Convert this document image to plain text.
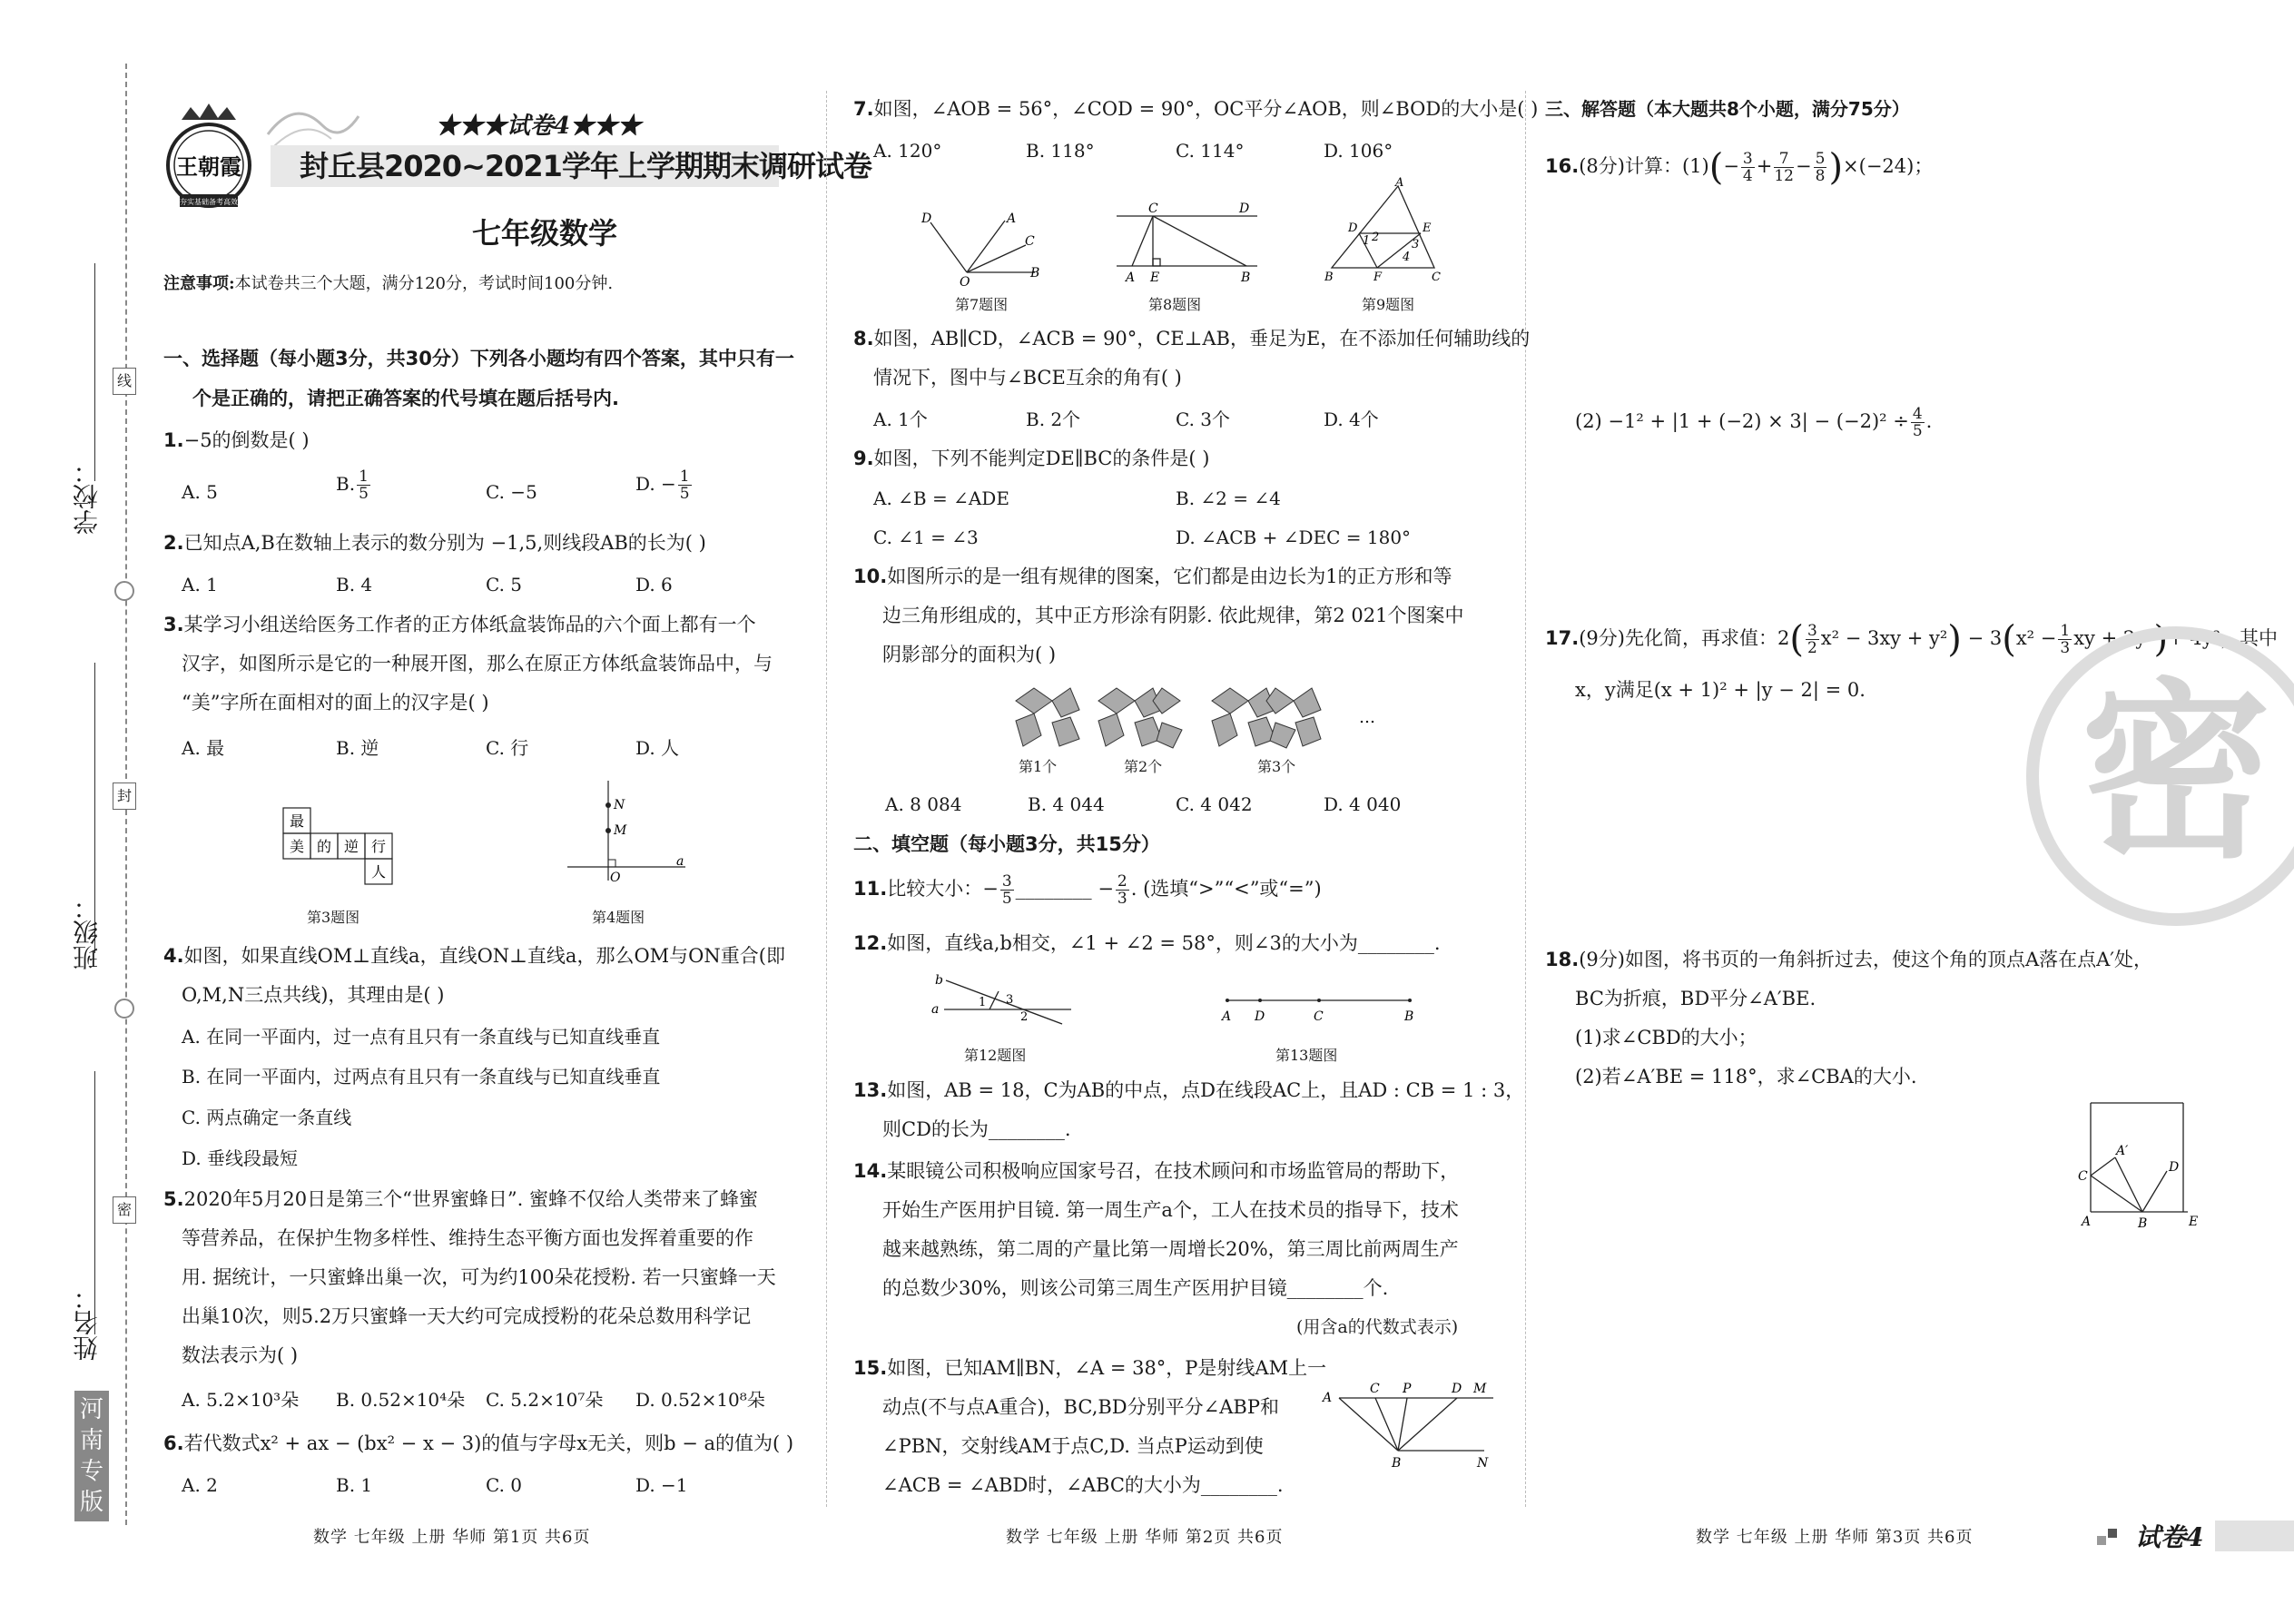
学校：
班级：
姓名：
线
封
密
河南专版
王朝霞
夯实基础 备考高效
★★★试卷4★★★
封丘县2020~2021学年上学期期末调研试卷
七年级数学
注意事项:本试卷共三个大题，满分120分，考试时间100分钟.
一、选择题（每小题3分，共30分）下列各小题均有四个答案，其中只有一
个是正确的，请把正确答案的代号填在题后括号内.
1.−5的倒数是( )
A. 5	B. $\frac{1}{5}$	C. −5	D. − $\frac{1}{5}$
2.已知点A,B在数轴上表示的数分别为 −1,5,则线段AB的长为( )
A. 1	B. 4	C. 5	D. 6
3.某学习小组送给医务工作者的正方体纸盒装饰品的六个面上都有一个
汉字，如图所示是它的一种展开图，那么在原正方体纸盒装饰品中，与
“美”字所在面相对的面上的汉字是( )
A. 最	B. 逆	C. 行	D. 人
最
美 的 逆 行
人
第3题图
N
M
O
a
第4题图
4.如图，如果直线OM⊥直线a，直线ON⊥直线a，那么OM与ON重合(即
O,M,N三点共线)，其理由是( )
A. 在同一平面内，过一点有且只有一条直线与已知直线垂直
B. 在同一平面内，过两点有且只有一条直线与已知直线垂直
C. 两点确定一条直线
D. 垂线段最短
5.2020年5月20日是第三个“世界蜜蜂日”. 蜜蜂不仅给人类带来了蜂蜜
等营养品，在保护生物多样性、维持生态平衡方面也发挥着重要的作
用. 据统计，一只蜜蜂出巢一次，可为约100朵花授粉. 若一只蜜蜂一天
出巢10次，则5.2万只蜜蜂一天大约可完成授粉的花朵总数用科学记
数法表示为( )
A. 5.2×10³朵 B. 0.52×10⁴朵 C. 5.2×10⁷朵 D. 0.52×10⁸朵
6.若代数式x² + ax − (bx² − x − 3)的值与字母x无关，则b − a的值为( )
A. 2	B. 1	C. 0	D. −1
数学 七年级 上册 华师 第1页 共6页
7.如图，∠AOB = 56°，∠COD = 90°，OC平分∠AOB，则∠BOD的大小是( )
A. 120°	B. 118°	C. 114°	D. 106°
D	A
C
B
O
第7题图
C	D
A E	B
第8题图
A
D	E
B	F	C
1 2
3
4
第9题图
8.如图，AB∥CD，∠ACB = 90°，CE⊥AB，垂足为E，在不添加任何辅助线的
情况下，图中与∠BCE互余的角有( )
A. 1个	B. 2个	C. 3个	D. 4个
9.如图，下列不能判定DE∥BC的条件是( )
A. ∠B = ∠ADE	B. ∠2 = ∠4
C. ∠1 = ∠3	D. ∠ACB + ∠DEC = 180°
10.如图所示的是一组有规律的图案，它们都是由边长为1的正方形和等
边三角形组成的，其中正方形涂有阴影. 依此规律，第2 021个图案中
阴影部分的面积为( )
…
第1个	第2个	第3个
A. 8 084	B. 4 044	C. 4 042	D. 4 040
二、填空题（每小题3分，共15分）
11.比较大小：− $\frac{3}{5}$ ________ − $\frac{2}{3}$ . (选填“>”“<”或“=”)
12.如图，直线a,b相交，∠1 + ∠2 = 58°，则∠3的大小为________.
b
a	1 3
2
第12题图
A D	C	B
第13题图
13.如图，AB = 18，C为AB的中点，点D在线段AC上，且AD : CB = 1 : 3，
则CD的长为________.
14.某眼镜公司积极响应国家号召，在技术顾问和市场监管局的帮助下，
开始生产医用护目镜. 第一周生产a个，工人在技术员的指导下，技术
越来越熟练，第二周的产量比第一周增长20%，第三周比前两周生产
的总数少30%，则该公司第三周生产医用护目镜________个.
(用含a的代数式表示)
15.如图，已知AM∥BN，∠A = 38°，P是射线AM上一
动点(不与点A重合)，BC,BD分别平分∠ABP和
∠PBN，交射线AM于点C,D. 当点P运动到使
∠ACB = ∠ABD时，∠ABC的大小为________.
A
C P	D M
B	N
数学 七年级 上册 华师 第2页 共6页
三、解答题（本大题共8个小题，满分75分）
16.(8分)计算：$(1)(- \frac{3}{4} + \frac{7}{12} - \frac{5}{8} )\times(-24)$；
$(2) -1^2 + |1 + (-2) \times 3| - (-2)^2 \div \frac{4}{5}$ .
17.(9分)先化简，再求值：$2( \frac{3}{2} x^2 - 3xy + y^2) - 3(x^2 - \frac{1}{3}$ xy + 2y²)+ 4y²，其中
x，y满足(x + 1)² + |y − 2| = 0.
18.(9分)如图，将书页的一角斜折过去，使这个角的顶点A落在点A′处，
BC为折痕，BD平分∠A′BE.
(1)求∠CBD的大小；
(2)若∠A′BE = 118°，求∠CBA的大小.
C
A′
D
A	B	E
密
数学 七年级 上册 华师 第3页 共6页	试卷4
